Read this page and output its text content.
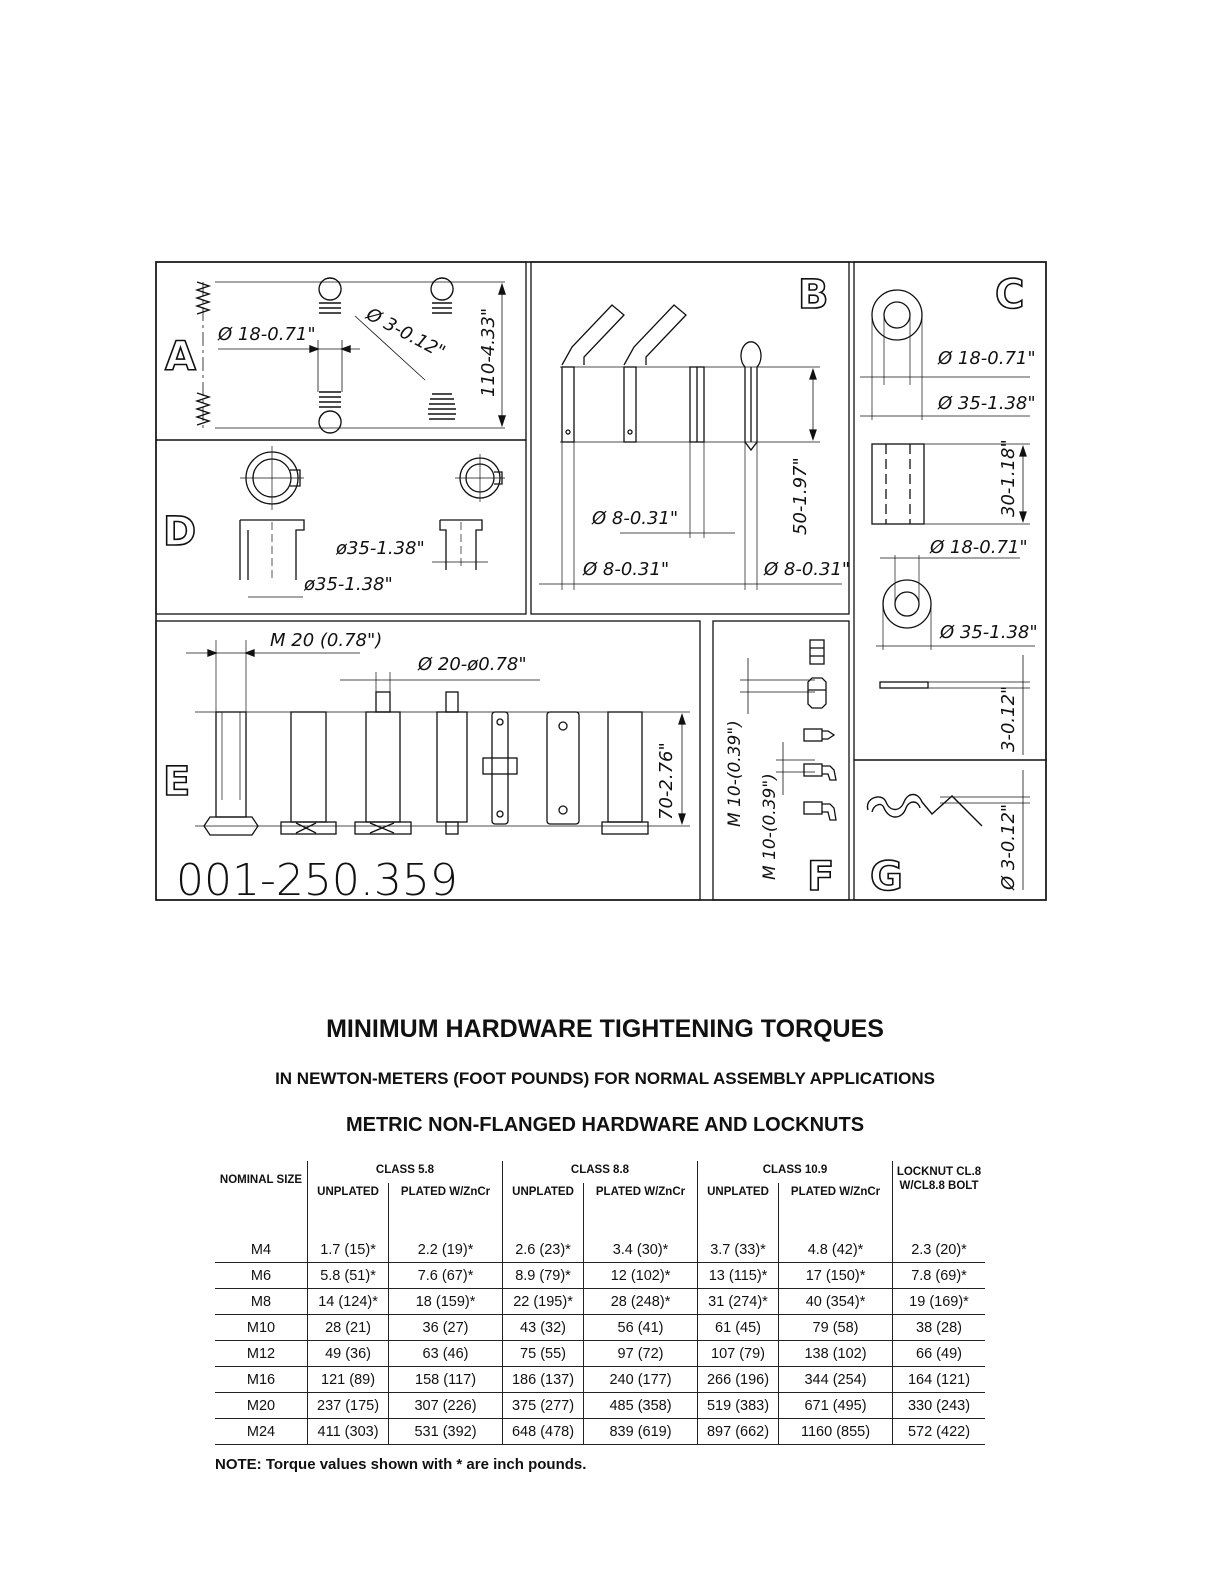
Ø 18-0.71"	Ø 3-0.12" 110-4.33"
A
ø35-1.38"
ø35-1.38"
D	Ø 8-0.31"
Ø 8-0.31"	Ø 8-0.31"
50-1.97"
B
Ø 18-0.71"
Ø 35-1.38"
30-1.18"
Ø 18-0.71"
Ø 35-1.38"
3-0.12"
C
Ø 3-0.12"
G
M 20 (0.78")
Ø 20-ø0.78"
70-2.76"
E
001-250.359
M 10-(0.39") M 10-(0.39") F
MINIMUM HARDWARE TIGHTENING TORQUES
IN NEWTON-METERS (FOOT POUNDS) FOR NORMAL ASSEMBLY APPLICATIONS
METRIC NON-FLANGED HARDWARE AND LOCKNUTS
NOMINAL SIZE	CLASS 5.8		CLASS 8.8		CLASS 10.9		LOCKNUT CL.8 W/CL8.8 BOLT
	UNPLATED	PLATED W/ZnCr	UNPLATED	PLATED W/ZnCr	UNPLATED	PLATED W/ZnCr	
M4	1.7 (15)*	2.2 (19)*	2.6 (23)*	3.4 (30)*	3.7 (33)*	4.8 (42)*	2.3 (20)*
M6	5.8 (51)*	7.6 (67)*	8.9 (79)*	12 (102)*	13 (115)*	17 (150)*	7.8 (69)*
M8	14 (124)*	18 (159)*	22 (195)*	28 (248)*	31 (274)*	40 (354)*	19 (169)*
M10	28 (21)	36 (27)	43 (32)	56 (41)	61 (45)	79 (58)	38 (28)
M12	49 (36)	63 (46)	75 (55)	97 (72)	107 (79)	138 (102)	66 (49)
M16	121 (89)	158 (117)	186 (137)	240 (177)	266 (196)	344 (254)	164 (121)
M20	237 (175)	307 (226)	375 (277)	485 (358)	519 (383)	671 (495)	330 (243)
M24	411 (303)	531 (392)	648 (478)	839 (619)	897 (662)	1160 (855)	572 (422)
NOTE: Torque values shown with * are inch pounds.
